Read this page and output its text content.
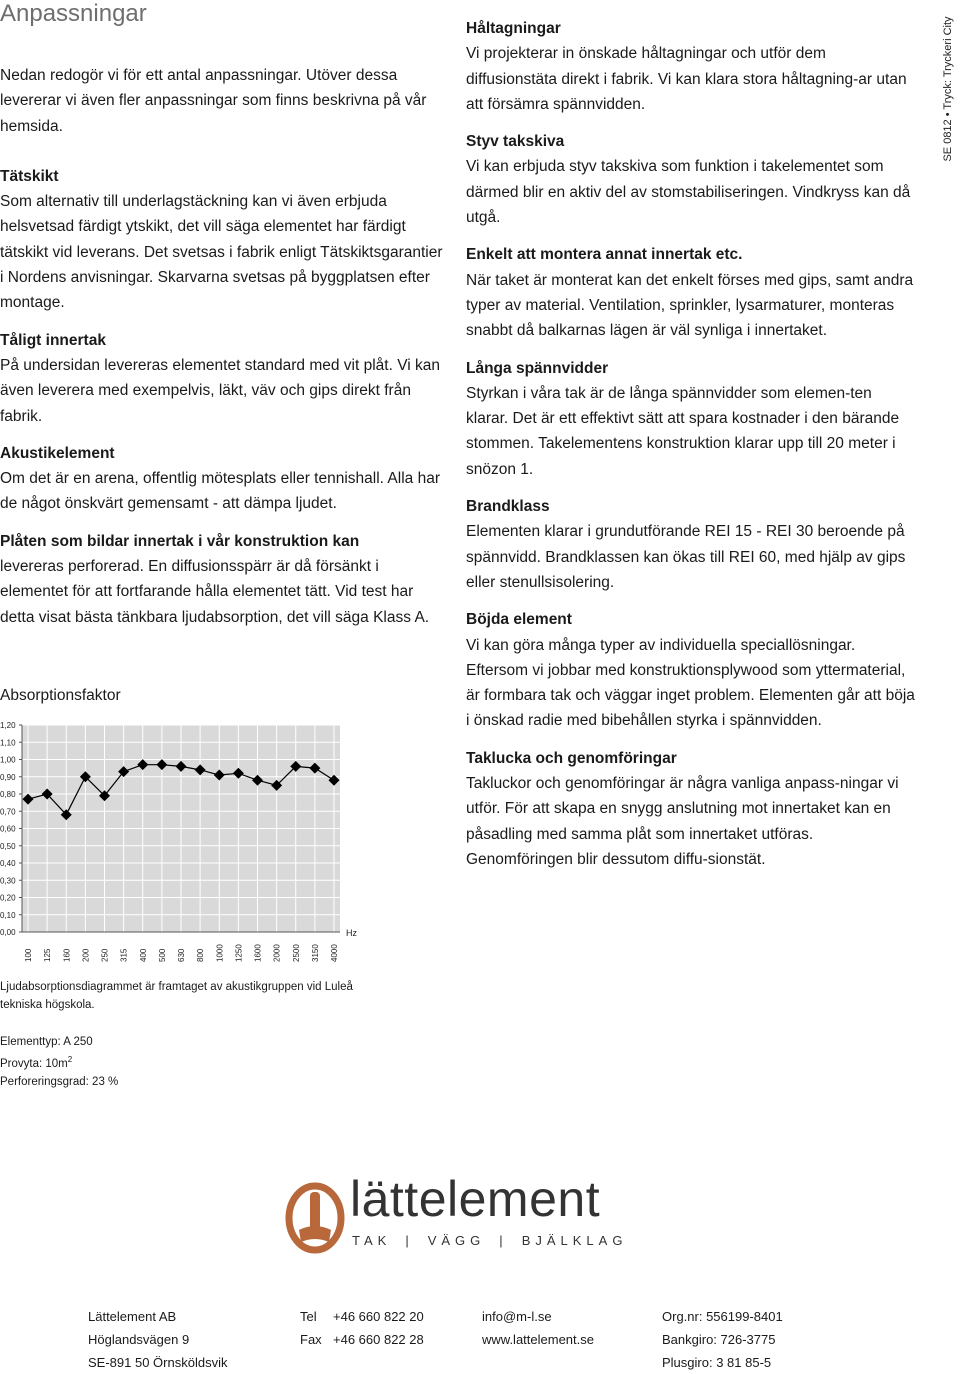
Anpassningar
SE 0812 • Tryck: Tryckeri City

Nedan redogör vi för ett antal anpassningar. Utöver dessa levererar vi även fler anpassningar som finns beskrivna på vår hemsida.

Tätskikt

Som alternativ till underlagstäckning kan vi även erbjuda helsvetsad färdigt ytskikt, det vill säga elementet har färdigt tätskikt vid leverans. Det svetsas i fabrik enligt Tätskiktsgarantier i Nordens anvisningar. Skarvarna svetsas på byggplatsen efter montage.

Tåligt innertak

På undersidan levereras elementet standard med vit plåt. Vi kan även leverera med exempelvis, läkt, väv och gips direkt från fabrik.

Akustikelement

Om det är en arena, offentlig mötesplats eller tennishall. Alla har de något önskvärt gemensamt - att dämpa ljudet.

Plåten som bildar innertak i vår konstruktion kan

levereras perforerad. En diffusionsspärr är då försänkt i elementet för att fortfarande hålla elementet tätt. Vid test har detta visat bästa tänkbara ljudabsorption, det vill säga Klass A.

Håltagningar

Vi projekterar in önskade håltagningar och utför dem diffusionstäta direkt i fabrik. Vi kan klara stora håltagning-ar utan att försämra spännvidden.

Styv takskiva

Vi kan erbjuda styv takskiva som funktion i takelementet som därmed blir en aktiv del av stomstabiliseringen. Vindkryss kan då utgå.

Enkelt att montera annat innertak etc.

När taket är monterat kan det enkelt förses med gips, samt andra typer av material. Ventilation, sprinkler, lysarmaturer, monteras snabbt då balkarnas lägen är väl synliga i innertaket.

Långa spännvidder

Styrkan i våra tak är de långa spännvidder som elemen-ten klarar. Det är ett effektivt sätt att spara kostnader i den bärande stommen. Takelementens konstruktion klarar upp till 20 meter i snözon 1.

Brandklass

Elementen klarar i grundutförande REI 15 - REI 30 beroende på spännvidd. Brandklassen kan ökas till REI 60, med hjälp av gips eller stenullsisolering.

Böjda element

Vi kan göra många typer av individuella speciallösningar. Eftersom vi jobbar med konstruktionsplywood som yttermaterial, är formbara tak och väggar inget problem. Elementen går att böja i önskad radie med bibehållen styrka i spännvidden.

Taklucka och genomföringar

Takluckor och genomföringar är några vanliga anpass-ningar vi utför. För att skapa en snygg anslutning mot innertaket kan en påsadling med samma plåt som innertaket utföras. Genomföringen blir dessutom diffu-sionstät.

Absorptionsfaktor
0,00
0,10
0,20
0,30
0,40
0,50
0,60
0,70
0,80
0,90
1,00
1,10
1,20
100 125 160 200 250 315 400 500 630 800 1000 1250 1600 2000 2500 3150 4000
Hz
Ljudabsorptionsdiagrammet är framtaget av akustikgruppen vid Luleå tekniska högskola.
Elementtyp: A 250
Provyta: $10m^2$
Perforeringsgrad: 23 %
lättelement
TAK | VÄGG | BJÄLKLAG
Lättelement AB
Höglandsvägen 9
SE-891 50 Örnsköldsvik
Tel +46 660 822 20
Fax +46 660 822 28
info@m-l.se
www.lattelement.se
Org.nr: 556199-8401
Bankgiro: 726-3775
Plusgiro: 3 81 85-5
